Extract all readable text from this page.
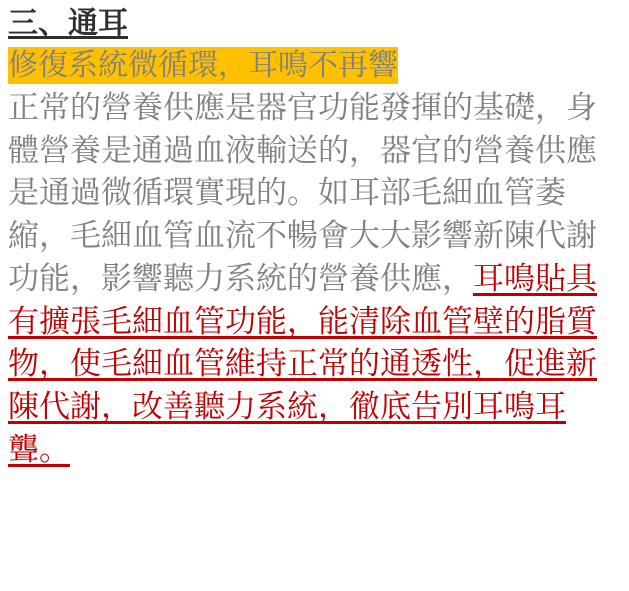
三、通耳
修復系統微循環，耳鳴不再響

正常的營養供應是器官功能發揮的基礎，身體營養是通過血液輸送的，器官的營養供應是通過微循環實現的。如耳部毛細血管萎縮，毛細血管血流不暢會大大影響新陳代謝功能，影響聽力系統的營養供應，耳鳴貼具有擴張毛細血管功能，能清除血管壁的脂質物，使毛細血管維持正常的通透性，促進新陳代謝，改善聽力系統，徹底告別耳鳴耳聾。
